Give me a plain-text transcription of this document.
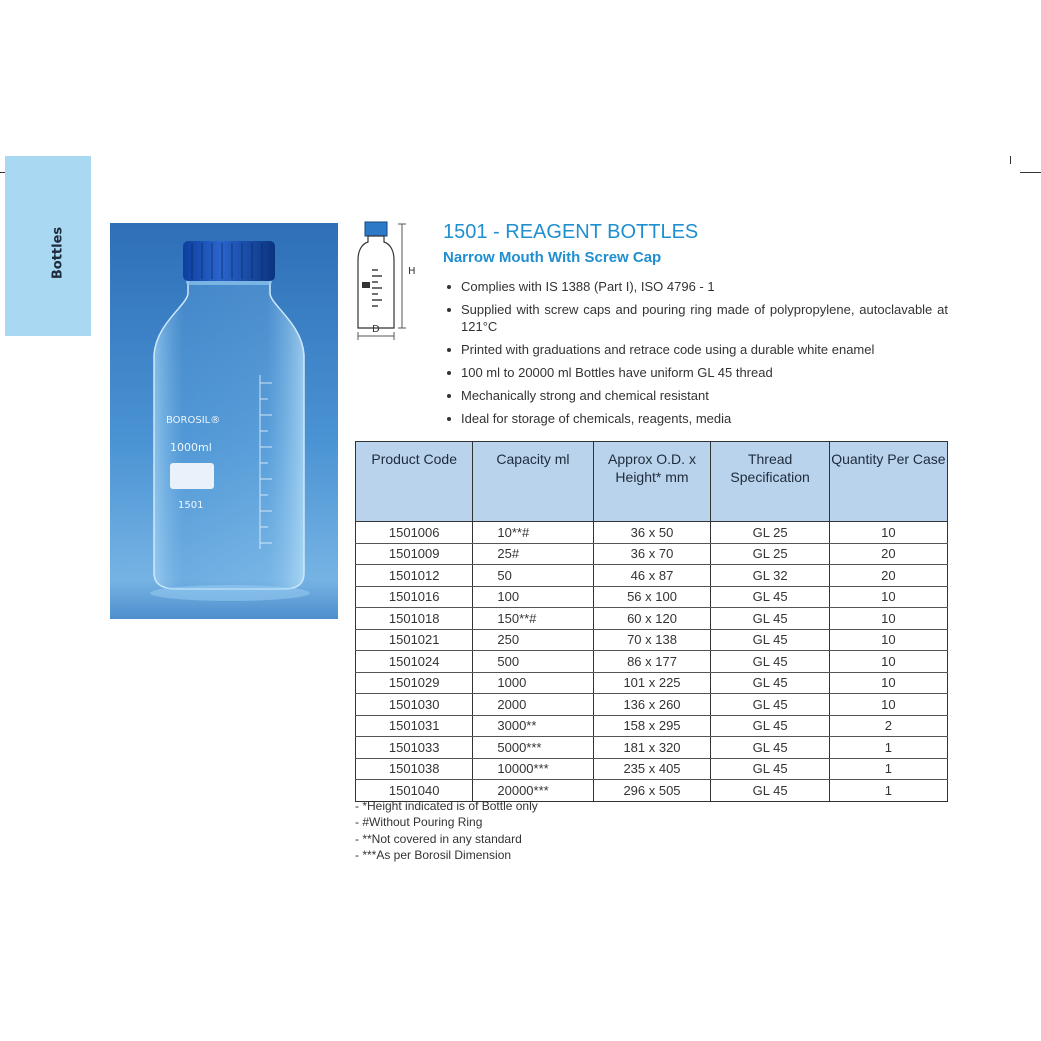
Bottles
BOROSIL®
1000ml
1501
H
D
1501 - REAGENT BOTTLES
Narrow Mouth With Screw Cap
Complies with IS 1388 (Part I), ISO 4796 - 1
Supplied with screw caps and pouring ring made of polypropylene, autoclavable at 121°C
Printed with graduations and retrace code using a durable white enamel
100 ml to 20000 ml Bottles have uniform GL 45 thread
Mechanically strong and chemical resistant
Ideal for storage of chemicals, reagents, media
Product Code	Capacity ml	Approx O.D. x Height* mm	Thread Specification	Quantity Per Case
1501006	10**#	36 x 50	GL 25	10
1501009	25#	36 x 70	GL 25	20
1501012	50	46 x 87	GL 32	20
1501016	100	56 x 100	GL 45	10
1501018	150**#	60 x 120	GL 45	10
1501021	250	70 x 138	GL 45	10
1501024	500	86 x 177	GL 45	10
1501029	1000	101 x 225	GL 45	10
1501030	2000	136 x 260	GL 45	10
1501031	3000**	158 x 295	GL 45	2
1501033	5000***	181 x 320	GL 45	1
1501038	10000***	235 x 405	GL 45	1
1501040	20000***	296 x 505	GL 45	1
- *Height indicated is of Bottle only
- #Without Pouring Ring
- **Not covered in any standard
- ***As per Borosil Dimension
